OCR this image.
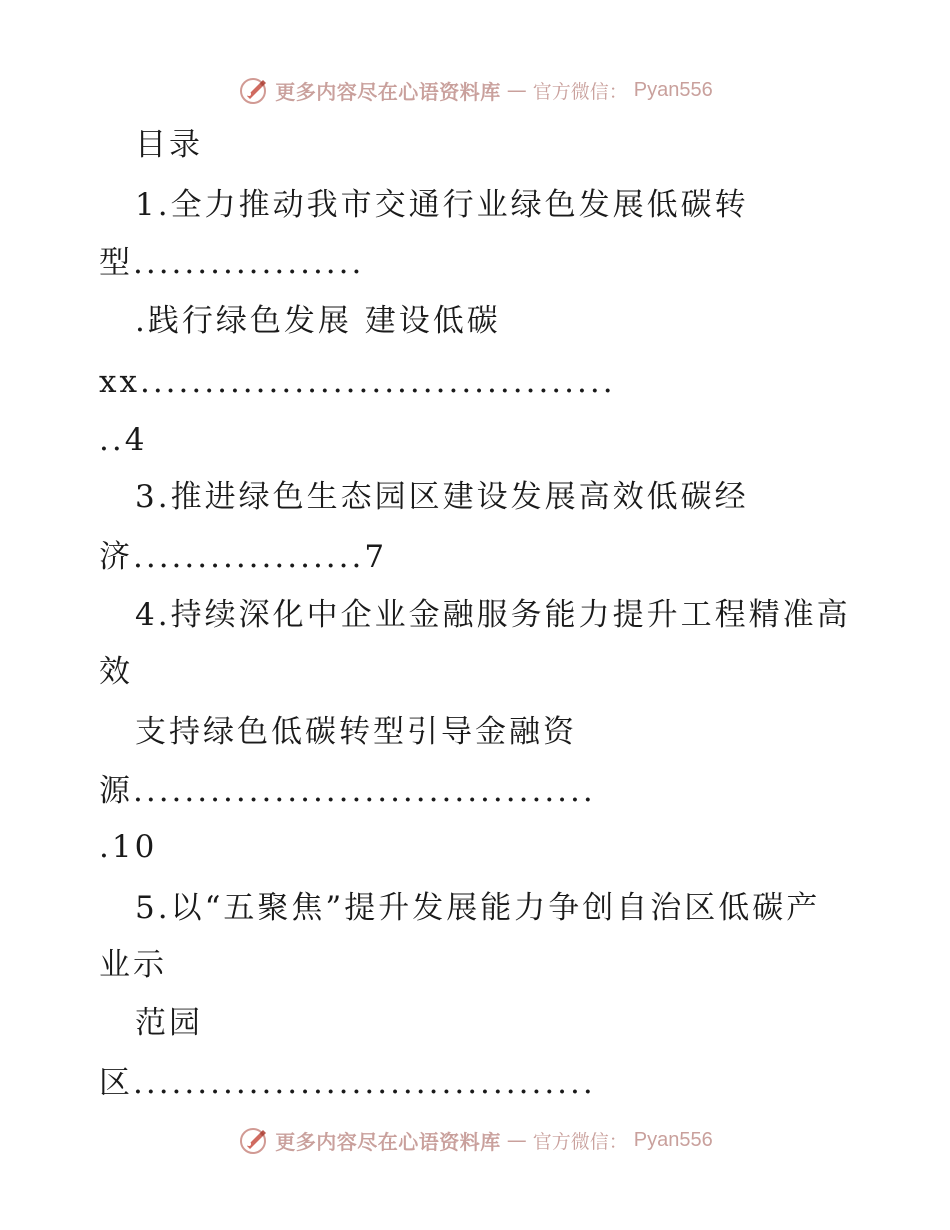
更多内容尽在心语资料库 — 官方微信： Pyan556
目录
1.全力推动我市交通行业绿色发展低碳转
型..................
.践行绿色发展 建设低碳
xx.....................................
..4
3.推进绿色生态园区建设发展高效低碳经
济..................7
4.持续深化中企业金融服务能力提升工程精准高
效
支持绿色低碳转型引导金融资
源....................................
.10
5.以“五聚焦”提升发展能力争创自治区低碳产
业示
范园
区....................................
更多内容尽在心语资料库 — 官方微信： Pyan556
